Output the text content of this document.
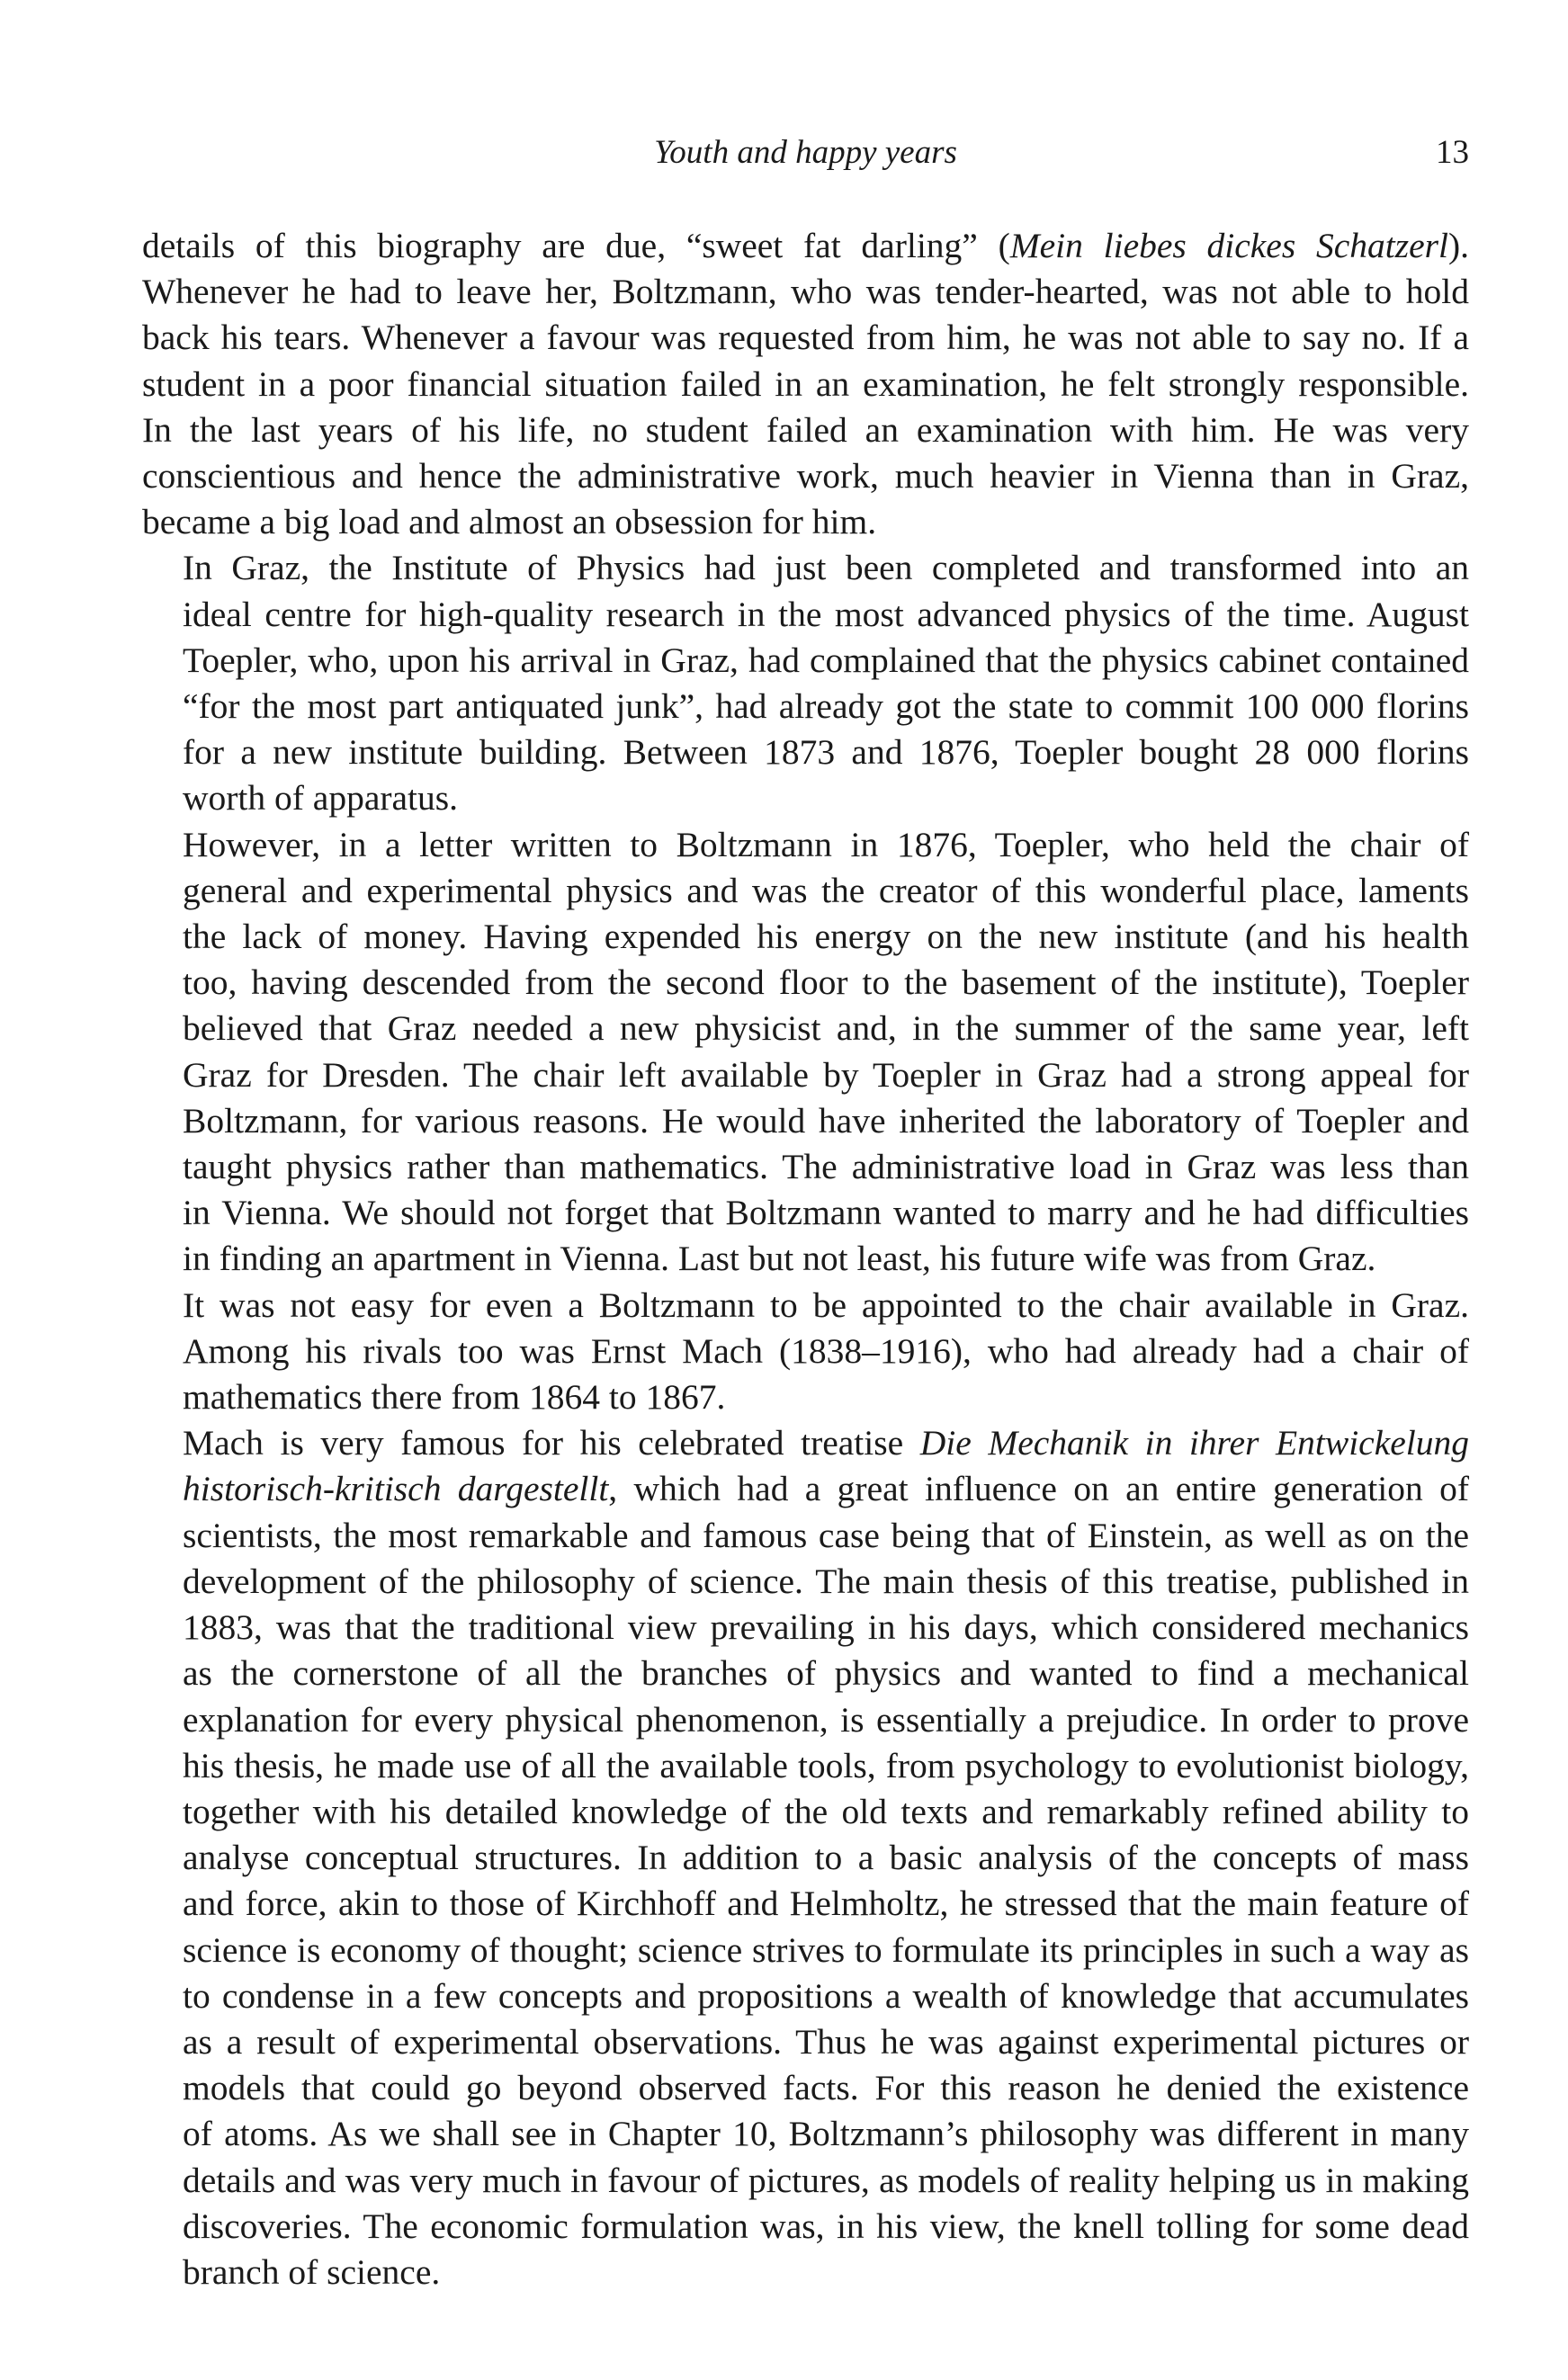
Youth and happy years	13
details of this biography are due, “sweet fat darling” (Mein liebes dickes Schatzerl).
Whenever he had to leave her, Boltzmann, who was tender-hearted, was not able to hold
back his tears. Whenever a favour was requested from him, he was not able to say no. If a
student in a poor financial situation failed in an examination, he felt strongly responsible.
In the last years of his life, no student failed an examination with him. He was very
conscientious and hence the administrative work, much heavier in Vienna than in Graz,
became a big load and almost an obsession for him.
In Graz, the Institute of Physics had just been completed and transformed into an
ideal centre for high-quality research in the most advanced physics of the time. August
Toepler, who, upon his arrival in Graz, had complained that the physics cabinet contained
“for the most part antiquated junk”, had already got the state to commit 100 000 florins
for a new institute building. Between 1873 and 1876, Toepler bought 28 000 florins
worth of apparatus.
However, in a letter written to Boltzmann in 1876, Toepler, who held the chair of
general and experimental physics and was the creator of this wonderful place, laments
the lack of money. Having expended his energy on the new institute (and his health
too, having descended from the second floor to the basement of the institute), Toepler
believed that Graz needed a new physicist and, in the summer of the same year, left
Graz for Dresden. The chair left available by Toepler in Graz had a strong appeal for
Boltzmann, for various reasons. He would have inherited the laboratory of Toepler and
taught physics rather than mathematics. The administrative load in Graz was less than
in Vienna. We should not forget that Boltzmann wanted to marry and he had difficulties
in finding an apartment in Vienna. Last but not least, his future wife was from Graz.
It was not easy for even a Boltzmann to be appointed to the chair available in Graz.
Among his rivals too was Ernst Mach (1838–1916), who had already had a chair of
mathematics there from 1864 to 1867.
Mach is very famous for his celebrated treatise Die Mechanik in ihrer Entwickelung
historisch-kritisch dargestellt, which had a great influence on an entire generation of
scientists, the most remarkable and famous case being that of Einstein, as well as on the
development of the philosophy of science. The main thesis of this treatise, published in
1883, was that the traditional view prevailing in his days, which considered mechanics
as the cornerstone of all the branches of physics and wanted to find a mechanical
explanation for every physical phenomenon, is essentially a prejudice. In order to prove
his thesis, he made use of all the available tools, from psychology to evolutionist biology,
together with his detailed knowledge of the old texts and remarkably refined ability to
analyse conceptual structures. In addition to a basic analysis of the concepts of mass
and force, akin to those of Kirchhoff and Helmholtz, he stressed that the main feature of
science is economy of thought; science strives to formulate its principles in such a way as
to condense in a few concepts and propositions a wealth of knowledge that accumulates
as a result of experimental observations. Thus he was against experimental pictures or
models that could go beyond observed facts. For this reason he denied the existence
of atoms. As we shall see in Chapter 10, Boltzmann’s philosophy was different in many
details and was very much in favour of pictures, as models of reality helping us in making
discoveries. The economic formulation was, in his view, the knell tolling for some dead
branch of science.
